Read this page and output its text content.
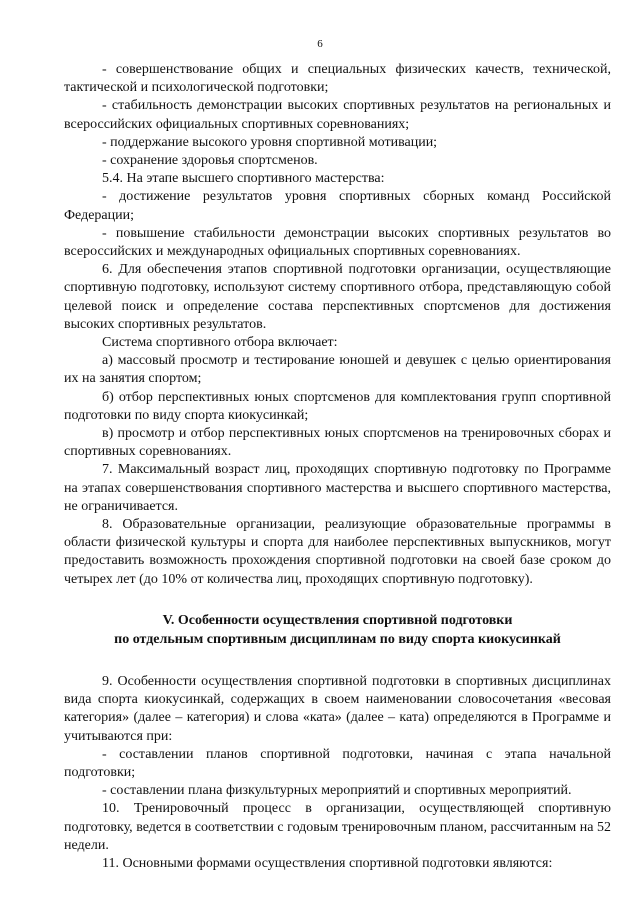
6

- совершенствование общих и специальных физических качеств, технической, тактической и психологической подготовки;

- стабильность демонстрации высоких спортивных результатов на региональных и всероссийских официальных спортивных соревнованиях;

- поддержание высокого уровня спортивной мотивации;

- сохранение здоровья спортсменов.

5.4. На этапе высшего спортивного мастерства:

- достижение результатов уровня спортивных сборных команд Российской Федерации;

- повышение стабильности демонстрации высоких спортивных результатов во всероссийских и международных официальных спортивных соревнованиях.

6. Для обеспечения этапов спортивной подготовки организации, осуществляющие спортивную подготовку, используют систему спортивного отбора, представляющую собой целевой поиск и определение состава перспективных спортсменов для достижения высоких спортивных результатов.

Система спортивного отбора включает:

а) массовый просмотр и тестирование юношей и девушек с целью ориентирования их на занятия спортом;

б) отбор перспективных юных спортсменов для комплектования групп спортивной подготовки по виду спорта киокусинкай;

в) просмотр и отбор перспективных юных спортсменов на тренировочных сборах и спортивных соревнованиях.

7. Максимальный возраст лиц, проходящих спортивную подготовку по Программе на этапах совершенствования спортивного мастерства и высшего спортивного мастерства, не ограничивается.

8. Образовательные организации, реализующие образовательные программы в области физической культуры и спорта для наиболее перспективных выпускников, могут предоставить возможность прохождения спортивной подготовки на своей базе сроком до четырех лет (до 10% от количества лиц, проходящих спортивную подготовку).

V. Особенности осуществления спортивной подготовки
по отдельным спортивным дисциплинам по виду спорта киокусинкай

9. Особенности осуществления спортивной подготовки в спортивных дисциплинах вида спорта киокусинкай, содержащих в своем наименовании словосочетания «весовая категория» (далее – категория) и слова «ката» (далее – ката) определяются в Программе и учитываются при:

- составлении планов спортивной подготовки, начиная с этапа начальной подготовки;

- составлении плана физкультурных мероприятий и спортивных мероприятий.

10. Тренировочный процесс в организации, осуществляющей спортивную подготовку, ведется в соответствии с годовым тренировочным планом, рассчитанным на 52 недели.

11. Основными формами осуществления спортивной подготовки являются:
